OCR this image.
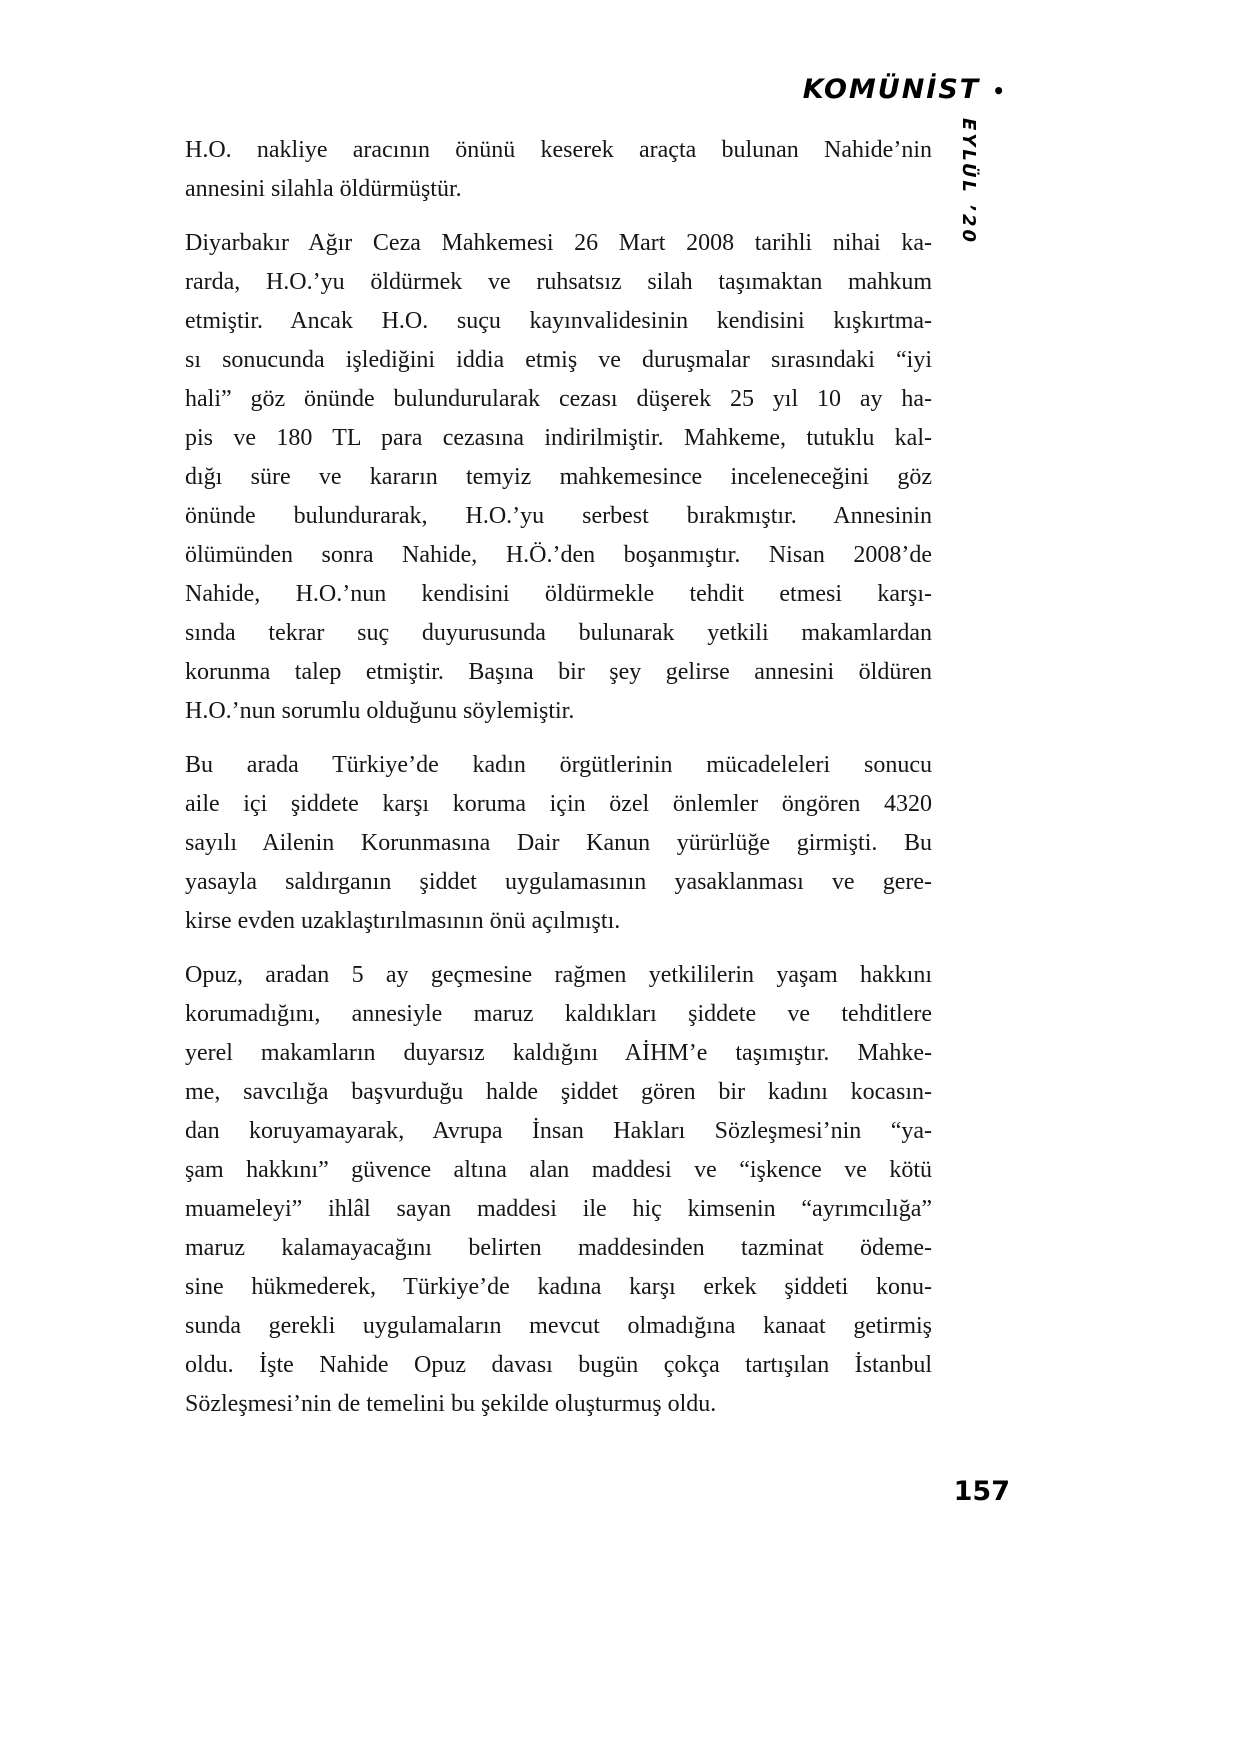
KOMÜNİST •
EYLÜL ’20
H.O. nakliye aracının önünü keserek araçta bulunan Nahide’nin
annesini silahla öldürmüştür.
Diyarbakır Ağır Ceza Mahkemesi 26 Mart 2008 tarihli nihai ka-
rarda, H.O.’yu öldürmek ve ruhsatsız silah taşımaktan mahkum
etmiştir. Ancak H.O. suçu kayınvalidesinin kendisini kışkırtma-
sı sonucunda işlediğini iddia etmiş ve duruşmalar sırasındaki “iyi
hali” göz önünde bulundurularak cezası düşerek 25 yıl 10 ay ha-
pis ve 180 TL para cezasına indirilmiştir. Mahkeme, tutuklu kal-
dığı süre ve kararın temyiz mahkemesince inceleneceğini göz
önünde bulundurarak, H.O.’yu serbest bırakmıştır. Annesinin
ölümünden sonra Nahide, H.Ö.’den boşanmıştır. Nisan 2008’de
Nahide, H.O.’nun kendisini öldürmekle tehdit etmesi karşı-
sında tekrar suç duyurusunda bulunarak yetkili makamlardan
korunma talep etmiştir. Başına bir şey gelirse annesini öldüren
H.O.’nun sorumlu olduğunu söylemiştir.
Bu arada Türkiye’de kadın örgütlerinin mücadeleleri sonucu
aile içi şiddete karşı koruma için özel önlemler öngören 4320
sayılı Ailenin Korunmasına Dair Kanun yürürlüğe girmişti. Bu
yasayla saldırganın şiddet uygulamasının yasaklanması ve gere-
kirse evden uzaklaştırılmasının önü açılmıştı.
Opuz, aradan 5 ay geçmesine rağmen yetkililerin yaşam hakkını
korumadığını, annesiyle maruz kaldıkları şiddete ve tehditlere
yerel makamların duyarsız kaldığını AİHM’e taşımıştır. Mahke-
me, savcılığa başvurduğu halde şiddet gören bir kadını kocasın-
dan koruyamayarak, Avrupa İnsan Hakları Sözleşmesi’nin “ya-
şam hakkını” güvence altına alan maddesi ve “işkence ve kötü
muameleyi” ihlâl sayan maddesi ile hiç kimsenin “ayrımcılığa”
maruz kalamayacağını belirten maddesinden tazminat ödeme-
sine hükmederek, Türkiye’de kadına karşı erkek şiddeti konu-
sunda gerekli uygulamaların mevcut olmadığına kanaat getirmiş
oldu. İşte Nahide Opuz davası bugün çokça tartışılan İstanbul
Sözleşmesi’nin de temelini bu şekilde oluşturmuş oldu.
157
